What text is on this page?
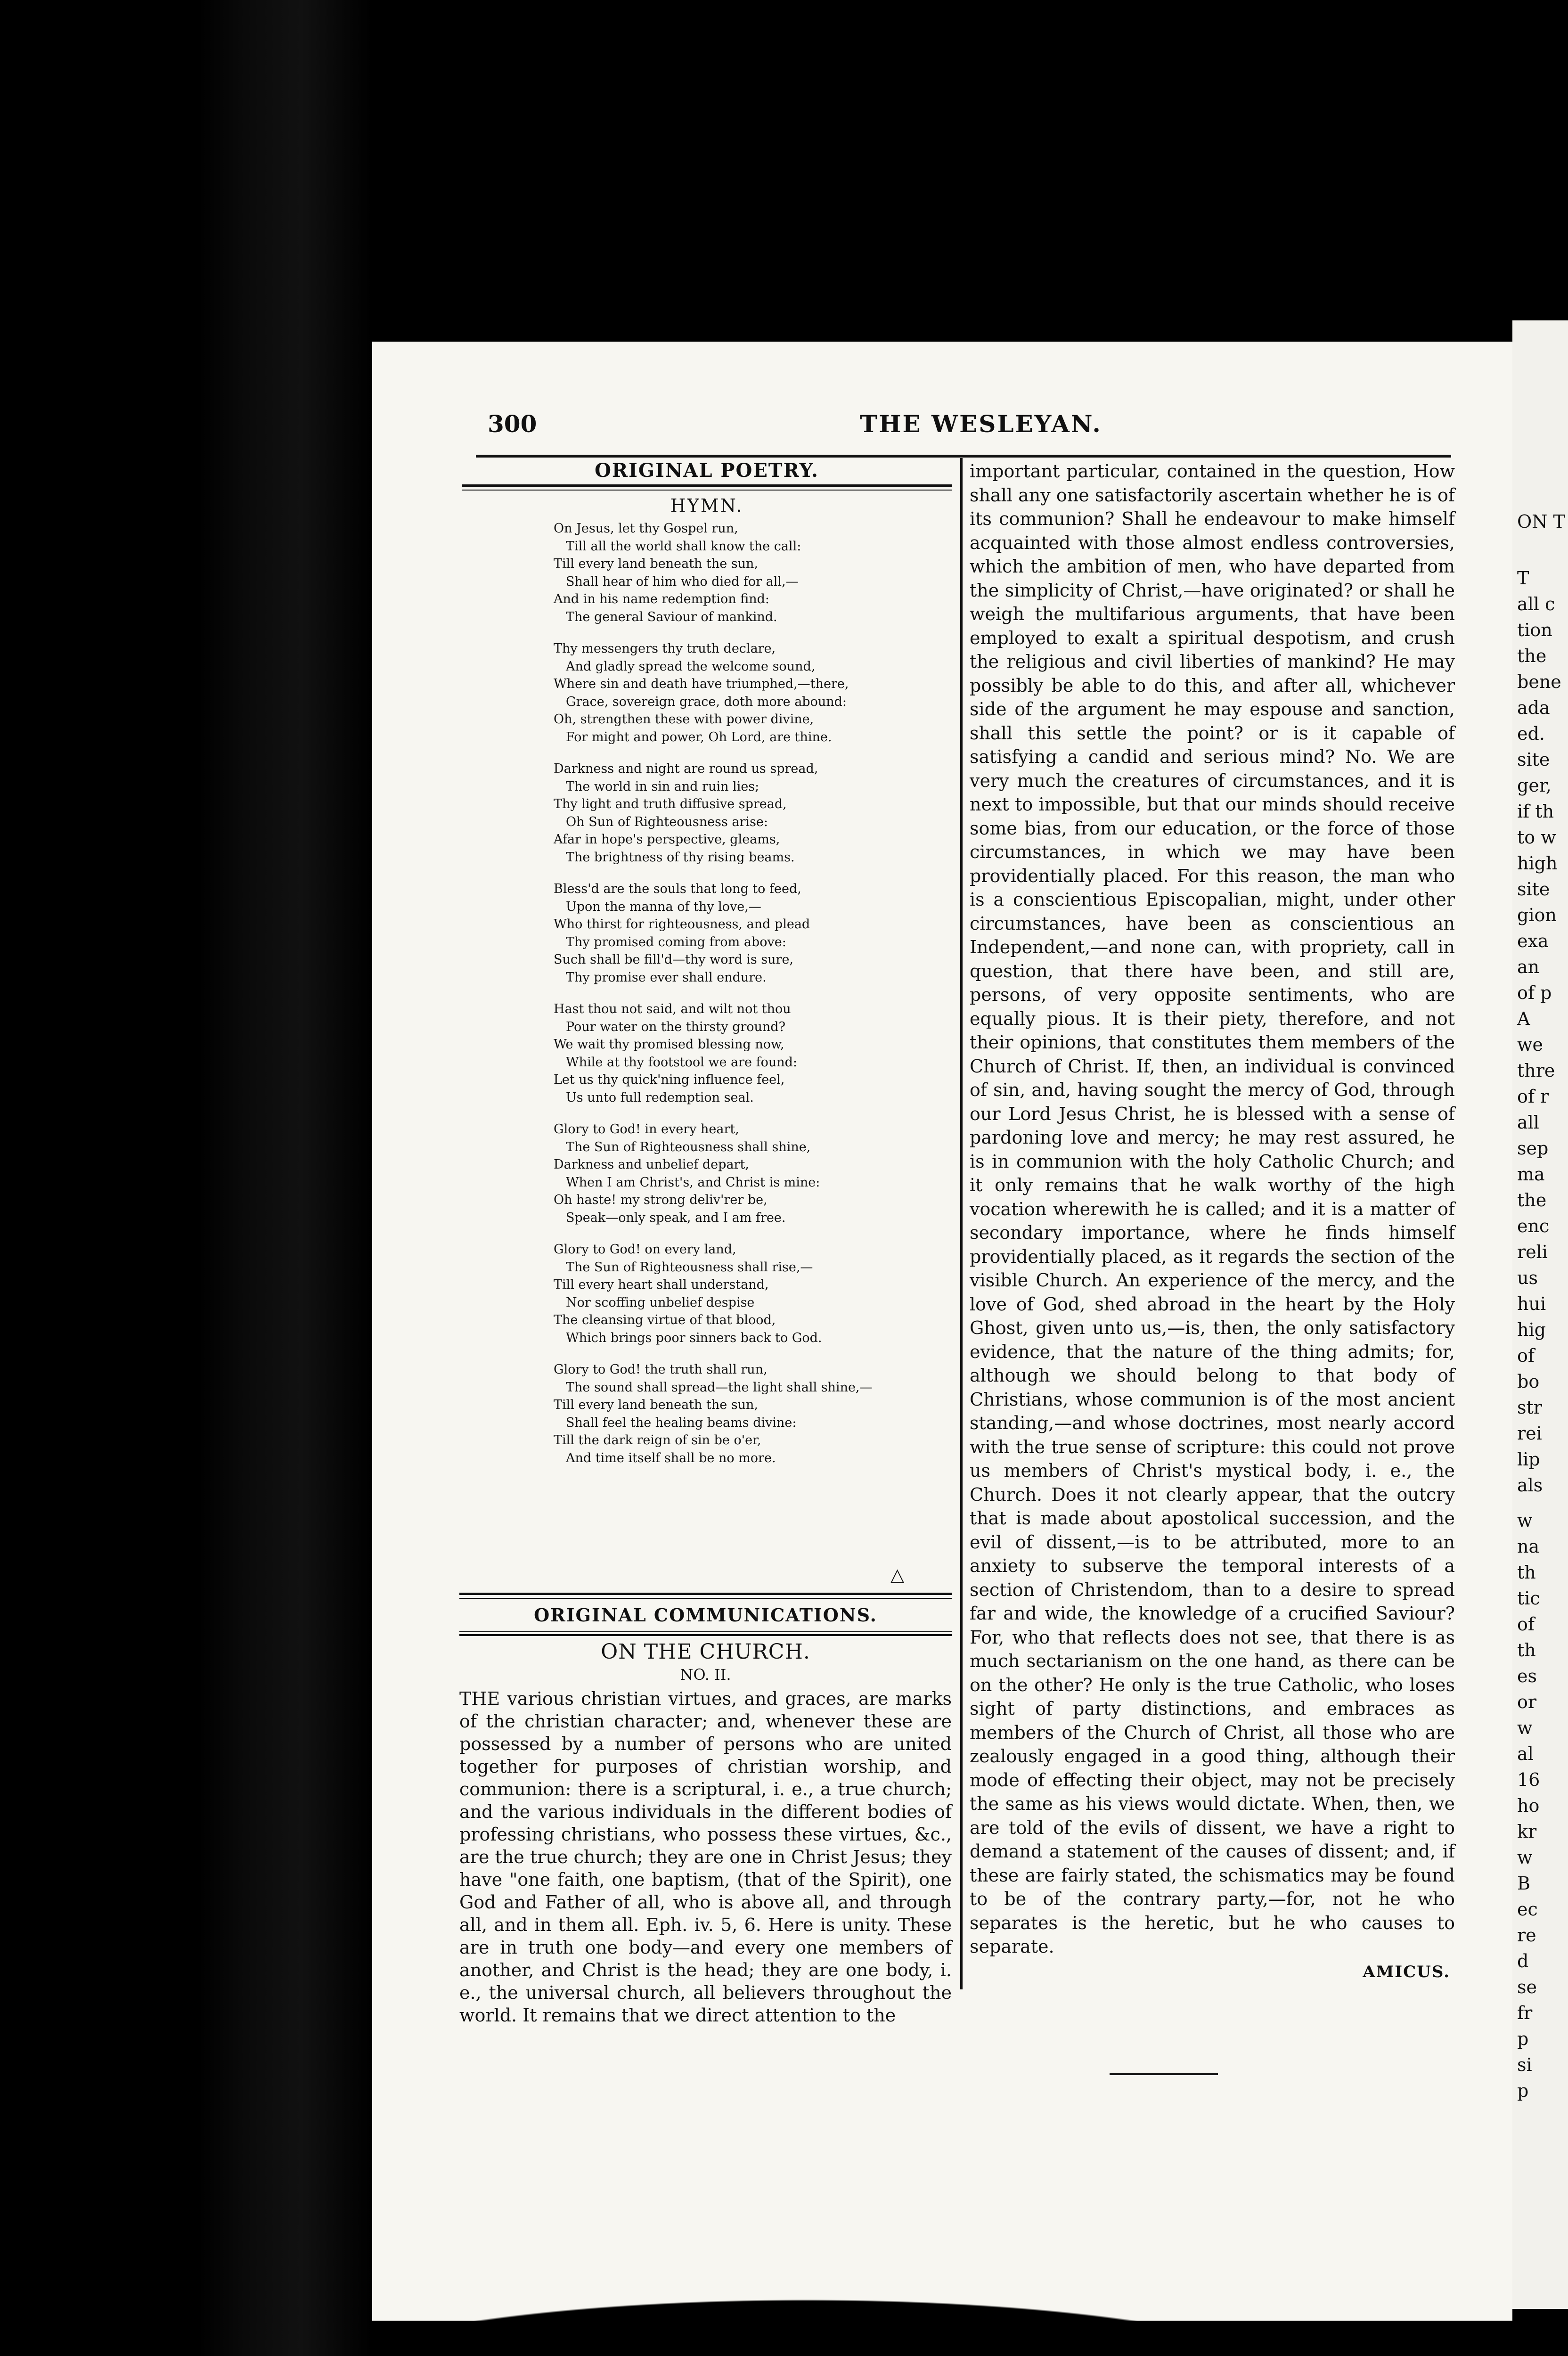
ON T
T
all c
tion
the
bene
ada
ed.
site
ger,
if th
to w
high
site
gion
exa
an
of p
A
we
thre
of r
all
sep
ma
the
enc
reli
us
hui
hig
of
bo
str
rei
lip
als
w
na
th
tic
of
th
es
or
w
al
16
ho
kr
w
B
ec
re
d
se
fr
p
si
p
300	THE WESLEYAN.
ORIGINAL POETRY.
HYMN.
On Jesus, let thy Gospel run,
Till all the world shall know the call:
Till every land beneath the sun,
Shall hear of him who died for all,—
And in his name redemption find:
The general Saviour of mankind.
Thy messengers thy truth declare,
And gladly spread the welcome sound,
Where sin and death have triumphed,—there,
Grace, sovereign grace, doth more abound:
Oh, strengthen these with power divine,
For might and power, Oh Lord, are thine.
Darkness and night are round us spread,
The world in sin and ruin lies;
Thy light and truth diffusive spread,
Oh Sun of Righteousness arise:
Afar in hope's perspective, gleams,
The brightness of thy rising beams.
Bless'd are the souls that long to feed,
Upon the manna of thy love,—
Who thirst for righteousness, and plead
Thy promised coming from above:
Such shall be fill'd—thy word is sure,
Thy promise ever shall endure.
Hast thou not said, and wilt not thou
Pour water on the thirsty ground?
We wait thy promised blessing now,
While at thy footstool we are found:
Let us thy quick'ning influence feel,
Us unto full redemption seal.
Glory to God! in every heart,
The Sun of Righteousness shall shine,
Darkness and unbelief depart,
When I am Christ's, and Christ is mine:
Oh haste! my strong deliv'rer be,
Speak—only speak, and I am free.
Glory to God! on every land,
The Sun of Righteousness shall rise,—
Till every heart shall understand,
Nor scoffing unbelief despise
The cleansing virtue of that blood,
Which brings poor sinners back to God.
Glory to God! the truth shall run,
The sound shall spread—the light shall shine,—
Till every land beneath the sun,
Shall feel the healing beams divine:
Till the dark reign of sin be o'er,
And time itself shall be no more.
△
ORIGINAL COMMUNICATIONS.
ON THE CHURCH.
NO. II.

THE various christian virtues, and graces, are marks of the christian character; and, whenever these are possessed by a number of persons who are united together for purposes of christian worship, and communion: there is a scriptural, i. e., a true church; and the various individuals in the different bodies of professing christians, who possess these virtues, &c., are the true church; they are one in Christ Jesus; they have "one faith, one baptism, (that of the Spirit), one God and Father of all, who is above all, and through all, and in them all. Eph. iv. 5, 6. Here is unity. These are in truth one body—and every one members of another, and Christ is the head; they are one body, i. e., the universal church, all believers throughout the world. It remains that we direct attention to the

important particular, contained in the question, How shall any one satisfactorily ascertain whether he is of its communion? Shall he endeavour to make himself acquainted with those almost endless controversies, which the ambition of men, who have departed from the simplicity of Christ,—have originated? or shall he weigh the multifarious arguments, that have been employed to exalt a spiritual despotism, and crush the religious and civil liberties of mankind? He may possibly be able to do this, and after all, whichever side of the argument he may espouse and sanction, shall this settle the point? or is it capable of satisfying a candid and serious mind? No. We are very much the creatures of circumstances, and it is next to impossible, but that our minds should receive some bias, from our education, or the force of those circumstances, in which we may have been providentially placed. For this reason, the man who is a conscientious Episcopalian, might, under other circumstances, have been as conscientious an Independent,—and none can, with propriety, call in question, that there have been, and still are, persons, of very opposite sentiments, who are equally pious. It is their piety, therefore, and not their opinions, that constitutes them members of the Church of Christ. If, then, an individual is convinced of sin, and, having sought the mercy of God, through our Lord Jesus Christ, he is blessed with a sense of pardoning love and mercy; he may rest assured, he is in communion with the holy Catholic Church; and it only remains that he walk worthy of the high vocation wherewith he is called; and it is a matter of secondary importance, where he finds himself providentially placed, as it regards the section of the visible Church. An experience of the mercy, and the love of God, shed abroad in the heart by the Holy Ghost, given unto us,—is, then, the only satisfactory evidence, that the nature of the thing admits; for, although we should belong to that body of Christians, whose communion is of the most ancient standing,—and whose doctrines, most nearly accord with the true sense of scripture: this could not prove us members of Christ's mystical body, i. e., the Church. Does it not clearly appear, that the outcry that is made about apostolical succession, and the evil of dissent,—is to be attributed, more to an anxiety to subserve the temporal interests of a section of Christendom, than to a desire to spread far and wide, the knowledge of a crucified Saviour? For, who that reflects does not see, that there is as much sectarianism on the one hand, as there can be on the other? He only is the true Catholic, who loses sight of party distinctions, and embraces as members of the Church of Christ, all those who are zealously engaged in a good thing, although their mode of effecting their object, may not be precisely the same as his views would dictate. When, then, we are told of the evils of dissent, we have a right to demand a statement of the causes of dissent; and, if these are fairly stated, the schismatics may be found to be of the contrary party,—for, not he who separates is the heretic, but he who causes to separate.

AMICUS.
